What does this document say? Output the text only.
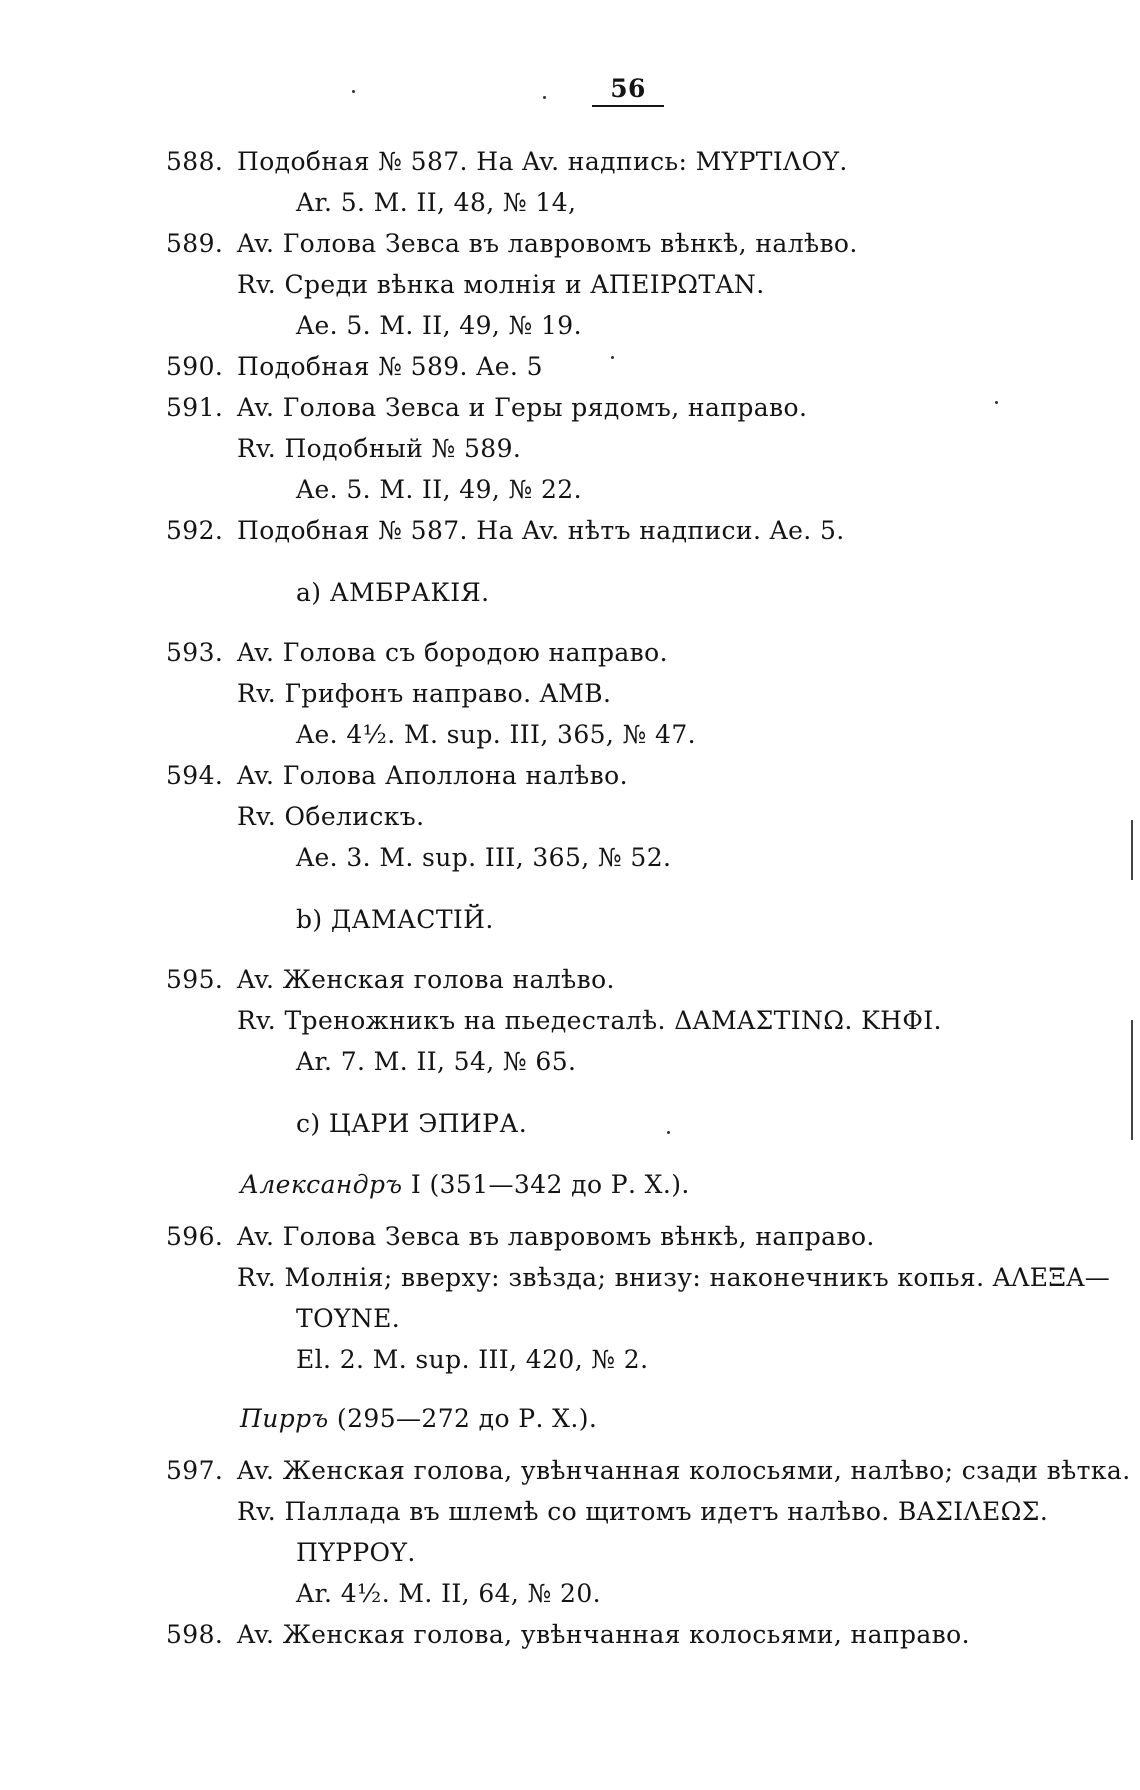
56
588. Подобная № 587. На Av. надпись: ΜΥΡΤΙΛΟΥ.
Ar. 5. M. II, 48, № 14,
589. Av. Голова Зевса въ лавровомъ вѣнкѣ, налѣво.
Rv. Среди вѣнка молнія и ΑΠΕΙΡΩΤΑΝ.
Ae. 5. M. II, 49, № 19.
590. Подобная № 589. Ae. 5
591. Av. Голова Зевса и Геры рядомъ, направо.
Rv. Подобный № 589.
Ae. 5. M. II, 49, № 22.
592. Подобная № 587. На Av. нѣтъ надписи. Ae. 5.
a) АМБРАКІЯ.
593. Av. Голова съ бородою направо.
Rv. Грифонъ направо. ΑΜΒ.
Ae. 4½. M. sup. III, 365, № 47.
594. Av. Голова Аполлона налѣво.
Rv. Обелискъ.
Ae. 3. M. sup. III, 365, № 52.
b) ДАМАСТІЙ.
595. Av. Женская голова налѣво.
Rv. Треножникъ на пьедесталѣ. ΔΑΜΑΣΤΙΝΩ. ΚΗΦΙ.
Ar. 7. M. II, 54, № 65.
c) ЦАРИ ЭПИРА.
Александръ I (351—342 до Р. Х.).
596. Av. Голова Зевса въ лавровомъ вѣнкѣ, направо.
Rv. Молнія; вверху: звѣзда; внизу: наконечникъ копья. ΑΛΕΞΑ—
ΤΟΥΝΕ.
El. 2. M. sup. III, 420, № 2.
Пирръ (295—272 до Р. Х.).
597. Av. Женская голова, увѣнчанная колосьями, налѣво; сзади вѣтка.
Rv. Паллада въ шлемѣ со щитомъ идетъ налѣво. ΒΑΣΙΛΕΩΣ.
ΠΥΡΡΟΥ.
Ar. 4½. M. II, 64, № 20.
598. Av. Женская голова, увѣнчанная колосьями, направо.
